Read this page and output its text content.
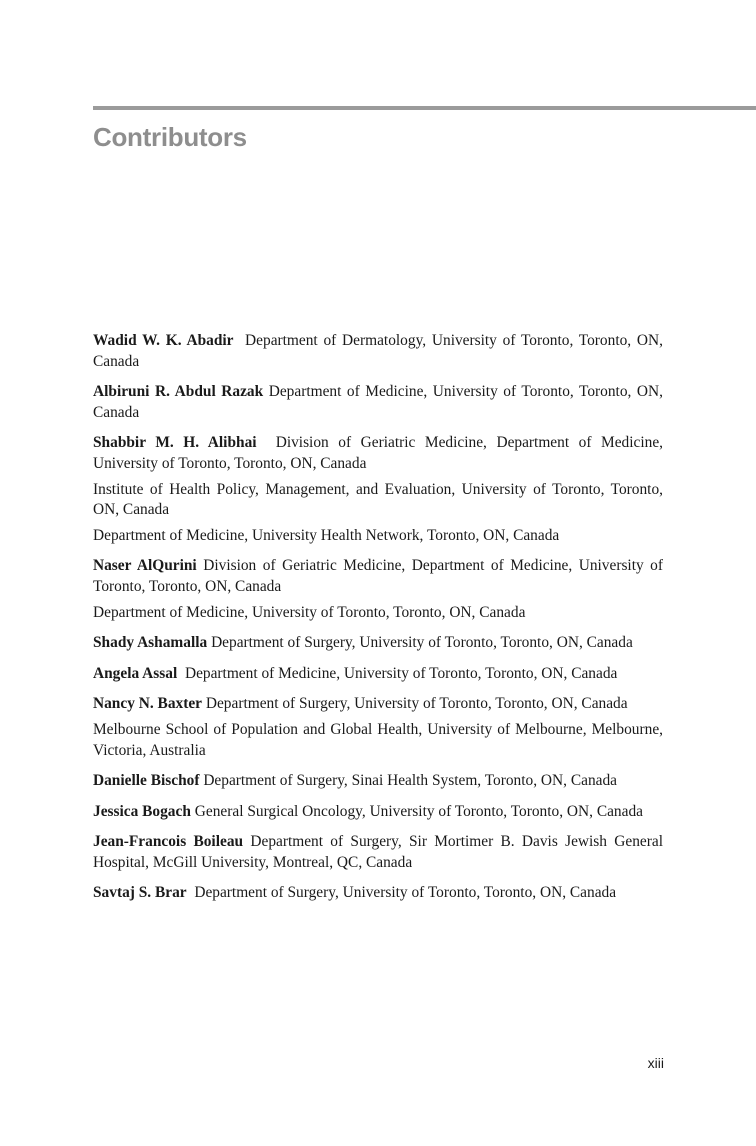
Contributors

Wadid W. K. Abadir Department of Dermatology, University of Toronto, Toronto, ON, Canada

Albiruni R. Abdul Razak Department of Medicine, University of Toronto, Toronto, ON, Canada

Shabbir M. H. Alibhai Division of Geriatric Medicine, Department of Medicine, University of Toronto, Toronto, ON, Canada

Institute of Health Policy, Management, and Evaluation, University of Toronto, Toronto, ON, Canada

Department of Medicine, University Health Network, Toronto, ON, Canada

Naser AlQurini Division of Geriatric Medicine, Department of Medicine, University of Toronto, Toronto, ON, Canada

Department of Medicine, University of Toronto, Toronto, ON, Canada

Shady Ashamalla Department of Surgery, University of Toronto, Toronto, ON, Canada

Angela Assal Department of Medicine, University of Toronto, Toronto, ON, Canada

Nancy N. Baxter Department of Surgery, University of Toronto, Toronto, ON, Canada

Melbourne School of Population and Global Health, University of Melbourne, Melbourne, Victoria, Australia

Danielle Bischof Department of Surgery, Sinai Health System, Toronto, ON, Canada

Jessica Bogach General Surgical Oncology, University of Toronto, Toronto, ON, Canada

Jean-Francois Boileau Department of Surgery, Sir Mortimer B. Davis Jewish General Hospital, McGill University, Montreal, QC, Canada

Savtaj S. Brar Department of Surgery, University of Toronto, Toronto, ON, Canada

xiii
